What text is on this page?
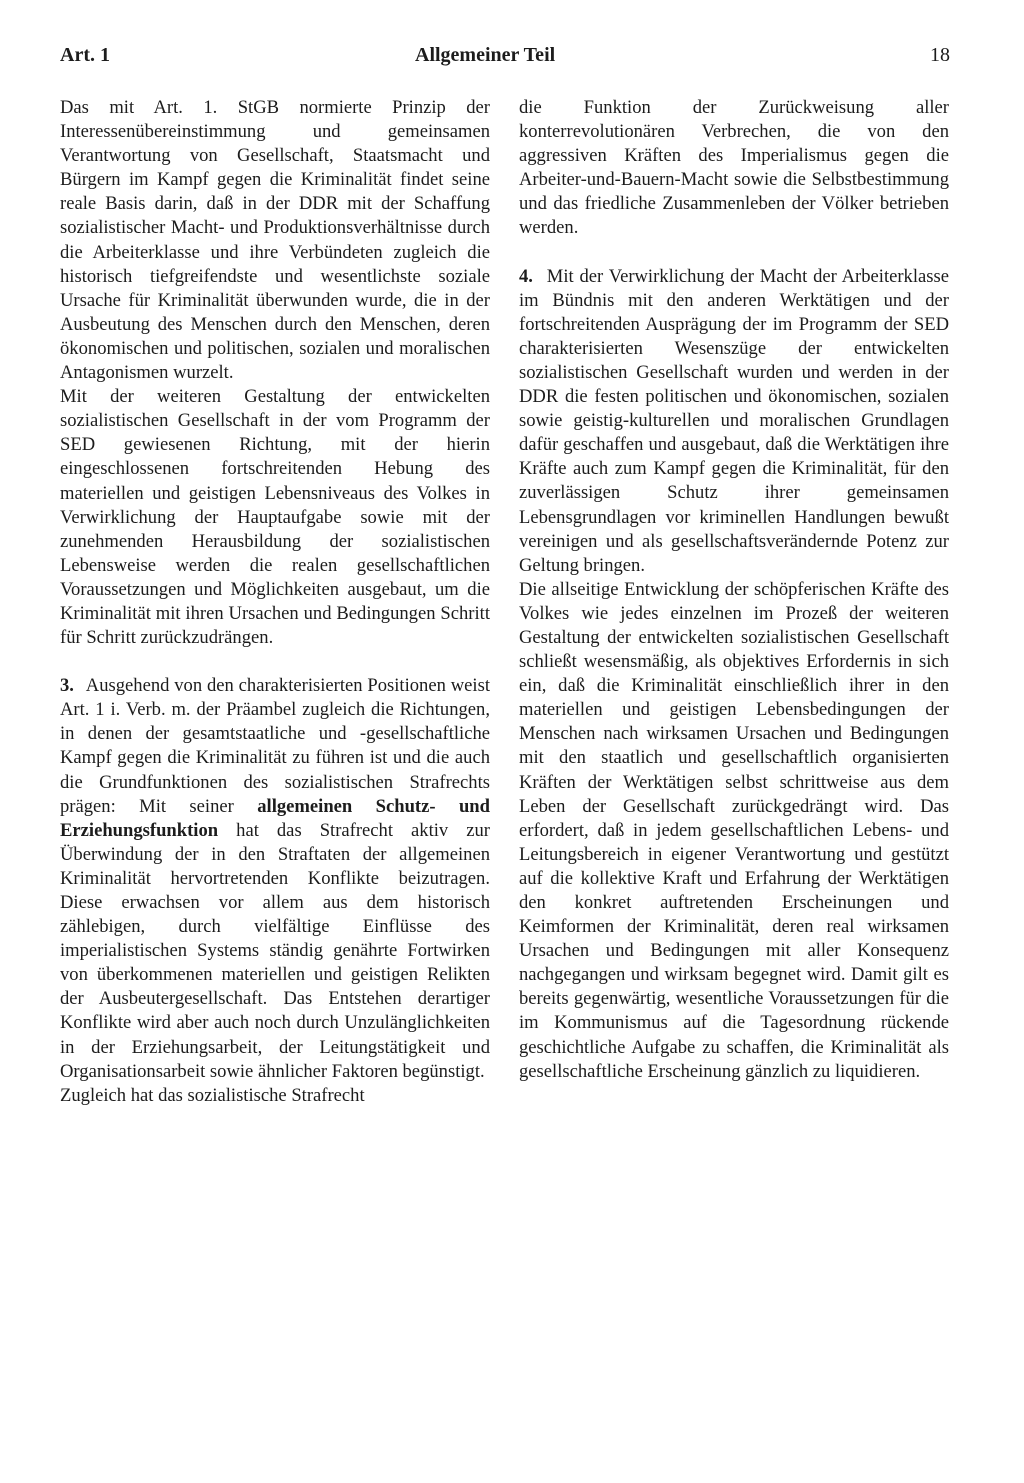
Art. 1	Allgemeiner Teil	18

Das mit Art. 1. StGB normierte Prinzip der Interessenübereinstimmung und gemeinsamen Verantwortung von Gesellschaft, Staatsmacht und Bürgern im Kampf gegen die Kriminalität findet seine reale Basis darin, daß in der DDR mit der Schaffung sozialistischer Macht- und Produktionsverhältnisse durch die Arbeiterklasse und ihre Verbündeten zugleich die historisch tiefgreifendste und wesentlichste soziale Ursache für Kriminalität überwunden wurde, die in der Ausbeutung des Menschen durch den Menschen, deren ökonomischen und politischen, sozialen und moralischen Antagonismen wurzelt.

Mit der weiteren Gestaltung der entwickelten sozialistischen Gesellschaft in der vom Programm der SED gewiesenen Richtung, mit der hierin eingeschlossenen fortschreitenden Hebung des materiellen und geistigen Lebensniveaus des Volkes in Verwirklichung der Hauptaufgabe sowie mit der zunehmenden Herausbildung der sozialistischen Lebensweise werden die realen gesellschaftlichen Voraussetzungen und Möglichkeiten ausgebaut, um die Kriminalität mit ihren Ursachen und Bedingungen Schritt für Schritt zurückzudrängen.

3. Ausgehend von den charakterisierten Positionen weist Art. 1 i. Verb. m. der Präambel zugleich die Richtungen, in denen der gesamtstaatliche und -gesellschaftliche Kampf gegen die Kriminalität zu führen ist und die auch die Grundfunktionen des sozialistischen Strafrechts prägen: Mit seiner allgemeinen Schutz- und Erziehungsfunktion hat das Strafrecht aktiv zur Überwindung der in den Straftaten der allgemeinen Kriminalität hervortretenden Konflikte beizutragen. Diese erwachsen vor allem aus dem historisch zählebigen, durch vielfältige Einflüsse des imperialistischen Systems ständig genährte Fortwirken von überkommenen materiellen und geistigen Relikten der Ausbeutergesellschaft. Das Entstehen derartiger Konflikte wird aber auch noch durch Unzulänglichkeiten in der Erziehungsarbeit, der Leitungstätigkeit und Organisationsarbeit sowie ähnlicher Faktoren begünstigt.

Zugleich hat das sozialistische Strafrecht

die Funktion der Zurückweisung aller konterrevolutionären Verbrechen, die von den aggressiven Kräften des Imperialismus gegen die Arbeiter-und-Bauern-Macht sowie die Selbstbestimmung und das friedliche Zusammenleben der Völker betrieben werden.

4. Mit der Verwirklichung der Macht der Arbeiterklasse im Bündnis mit den anderen Werktätigen und der fortschreitenden Ausprägung der im Programm der SED charakterisierten Wesenszüge der entwickelten sozialistischen Gesellschaft wurden und werden in der DDR die festen politischen und ökonomischen, sozialen sowie geistig-kulturellen und moralischen Grundlagen dafür geschaffen und ausgebaut, daß die Werktätigen ihre Kräfte auch zum Kampf gegen die Kriminalität, für den zuverlässigen Schutz ihrer gemeinsamen Lebensgrundlagen vor kriminellen Handlungen bewußt vereinigen und als gesellschaftsverändernde Potenz zur Geltung bringen.

Die allseitige Entwicklung der schöpferischen Kräfte des Volkes wie jedes einzelnen im Prozeß der weiteren Gestaltung der entwickelten sozialistischen Gesellschaft schließt wesensmäßig, als objektives Erfordernis in sich ein, daß die Kriminalität einschließlich ihrer in den materiellen und geistigen Lebensbedingungen der Menschen nach wirksamen Ursachen und Bedingungen mit den staatlich und gesellschaftlich organisierten Kräften der Werktätigen selbst schrittweise aus dem Leben der Gesellschaft zurückgedrängt wird. Das erfordert, daß in jedem gesellschaftlichen Lebens- und Leitungsbereich in eigener Verantwortung und gestützt auf die kollektive Kraft und Erfahrung der Werktätigen den konkret auftretenden Erscheinungen und Keimformen der Kriminalität, deren real wirksamen Ursachen und Bedingungen mit aller Konsequenz nachgegangen und wirksam begegnet wird. Damit gilt es bereits gegenwärtig, wesentliche Voraussetzungen für die im Kommunismus auf die Tagesordnung rückende geschichtliche Aufgabe zu schaffen, die Kriminalität als gesellschaftliche Erscheinung gänzlich zu liquidieren.
